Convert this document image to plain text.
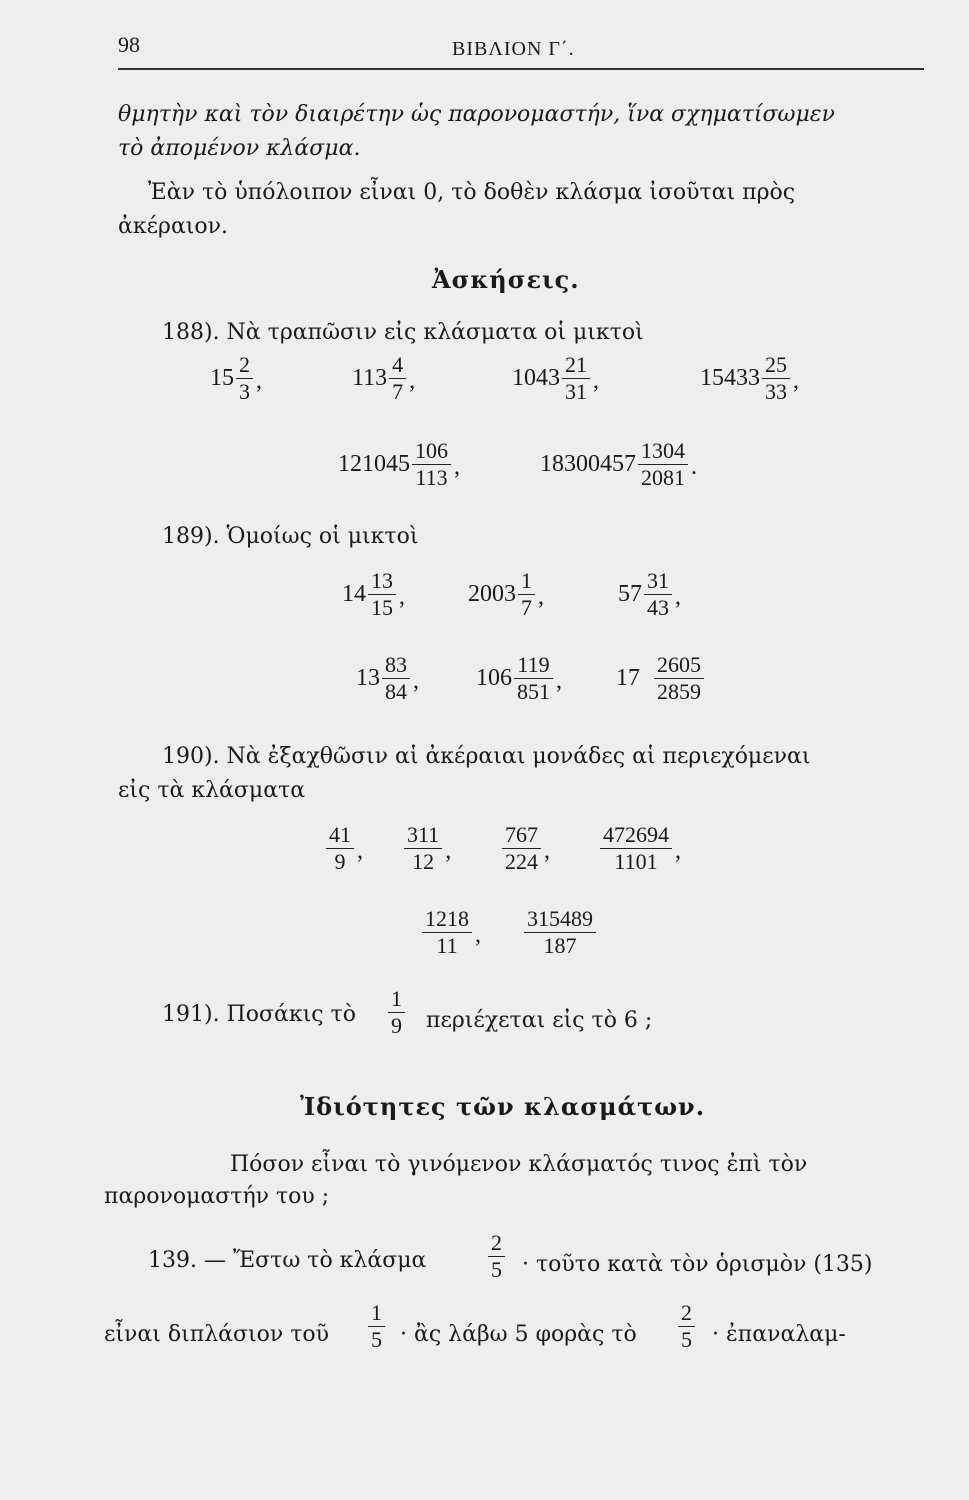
98	ΒΙΒΛΙΟΝ Γ΄.
θμητὴν καὶ τὸν διαιρέτην ὡς παρονομαστήν, ἵνα σχηματίσωμεν
τὸ ἀπομένον κλάσμα.
Ἐὰν τὸ ὑπόλοιπον εἶναι 0, τὸ δοθὲν κλάσμα ἰσοῦται πρὸς
ἀκέραιον.
Ἀσκήσεις.
188). Νὰ τραπῶσιν εἰς κλάσματα οἱ μικτοὶ
$15 \frac{2}{3}$ ,	$113 \frac{4}{7}$ ,	$1043 \frac{21}{31}$ ,	$15433 \frac{25}{33}$ ,
$121045 \frac{106}{113}$ ,	$18300457 \frac{1304}{2081}$ .
189). Ὁμοίως οἱ μικτοὶ
$14 \frac{13}{15}$ ,	$2003 \frac{1}{7}$ ,	$57 \frac{31}{43}$ ,
$13 \frac{83}{84}$ , $106 \frac{119}{851}$ , $17 \frac{2605}{2859}$
190). Νὰ ἐξαχθῶσιν αἱ ἀκέραιαι μονάδες αἱ περιεχόμεναι
εἰς τὰ κλάσματα
$\frac{41}{9}$ , $\frac{311}{12}$ , $\frac{767}{224}$ , $\frac{472694}{1101}$ ,
$\frac{1218}{11}$ , $\frac{315489}{187}$
191). Ποσάκις τὸ $\frac{1}{9}$ περιέχεται εἰς τὸ 6 ;
Ἰδιότητες τῶν κλασμάτων.
Πόσον εἶναι τὸ γινόμενον κλάσματός τινος ἐπὶ τὸν
παρονομαστήν του ;
139. — Ἔστω τὸ κλάσμα	$\frac{2}{5}$ · τοῦτο κατὰ τὸν ὁρισμὸν (135)
εἶναι διπλάσιον τοῦ $\frac{1}{5}$ · ἂς λάβω 5 φορὰς τὸ $\frac{2}{5}$ · ἐπαναλαμ-
